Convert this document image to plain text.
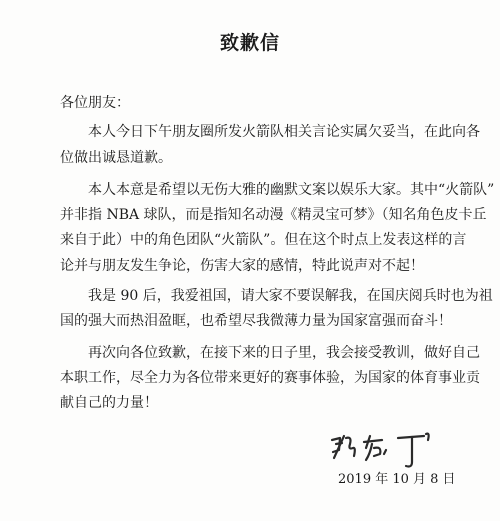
致歉信
各位朋友：
本人今日下午朋友圈所发火箭队相关言论实属欠妥当，在此向各
位做出诚恳道歉。
本人本意是希望以无伤大雅的幽默文案以娱乐大家。其中“火箭队”
并非指 NBA 球队，而是指知名动漫《精灵宝可梦》（知名角色皮卡丘
来自于此）中的角色团队“火箭队”。但在这个时点上发表这样的言
论并与朋友发生争论，伤害大家的感情，特此说声对不起！
我是 90 后，我爱祖国，请大家不要误解我，在国庆阅兵时也为祖
国的强大而热泪盈眶，也希望尽我微薄力量为国家富强而奋斗！
再次向各位致歉，在接下来的日子里，我会接受教训，做好自己
本职工作，尽全力为各位带来更好的赛事体验，为国家的体育事业贡
献自己的力量！
2019 年 10 月 8 日
